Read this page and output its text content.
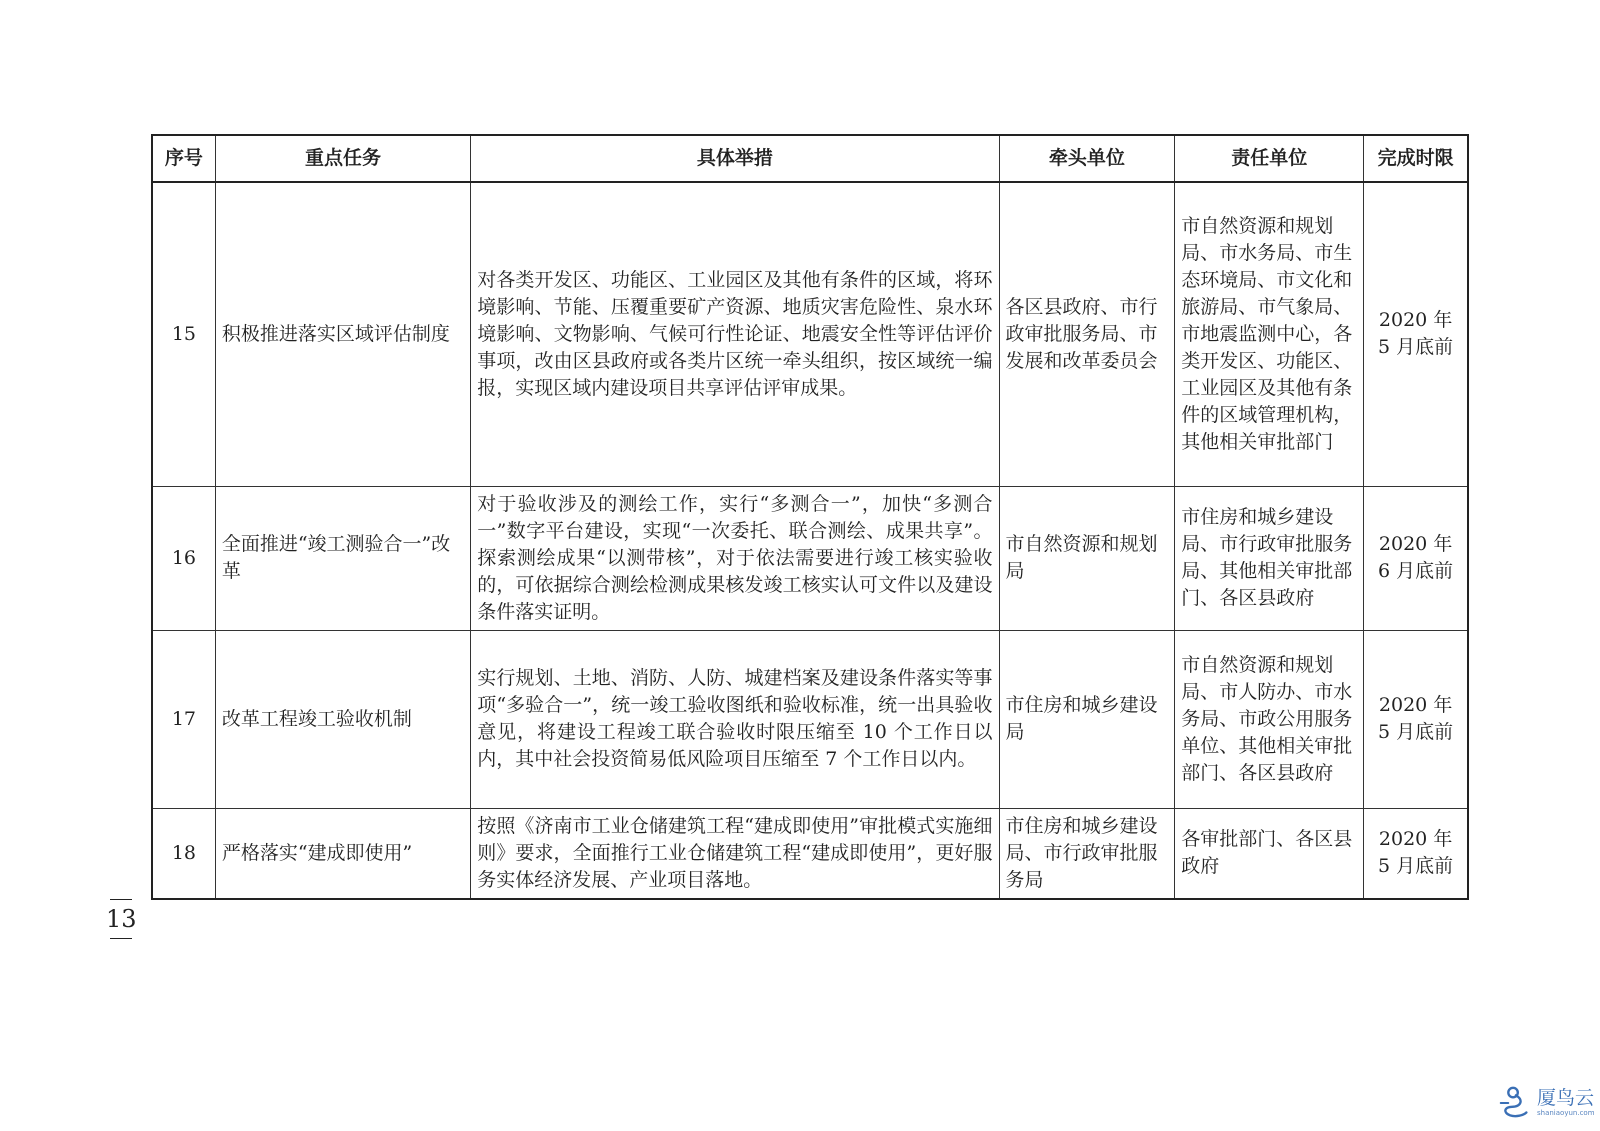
序号	重点任务	具体举措	牵头单位	责任单位	完成时限
15	积极推进落实区域评估制度	对各类开发区、功能区、工业园区及其他有条件的区域，将环境影响、节能、压覆重要矿产资源、地质灾害危险性、泉水环境影响、文物影响、气候可行性论证、地震安全性等评估评价事项，改由区县政府或各类片区统一牵头组织，按区域统一编报，实现区域内建设项目共享评估评审成果。	各区县政府、市行政审批服务局、市发展和改革委员会	市自然资源和规划局、市水务局、市生态环境局、市文化和旅游局、市气象局、市地震监测中心，各类开发区、功能区、工业园区及其他有条件的区域管理机构，其他相关审批部门	2020 年 5 月底前
16	全面推进“竣工测验合一”改革	对于验收涉及的测绘工作，实行“多测合一”，加快“多测合一”数字平台建设，实现“一次委托、联合测绘、成果共享”。探索测绘成果“以测带核”，对于依法需要进行竣工核实验收的，可依据综合测绘检测成果核发竣工核实认可文件以及建设条件落实证明。	市自然资源和规划局	市住房和城乡建设局、市行政审批服务局、其他相关审批部门、各区县政府	2020 年 6 月底前
17	改革工程竣工验收机制	实行规划、土地、消防、人防、城建档案及建设条件落实等事项“多验合一”，统一竣工验收图纸和验收标准，统一出具验收意见，将建设工程竣工联合验收时限压缩至 10 个工作日以内，其中社会投资简易低风险项目压缩至 7 个工作日以内。	市住房和城乡建设局	市自然资源和规划局、市人防办、市水务局、市政公用服务单位、其他相关审批部门、各区县政府	2020 年 5 月底前
18	严格落实“建成即使用”	按照《济南市工业仓储建筑工程“建成即使用”审批模式实施细则》要求，全面推行工业仓储建筑工程“建成即使用”，更好服务实体经济发展、产业项目落地。	市住房和城乡建设局、市行政审批服务局	各审批部门、各区县政府	2020 年 5 月底前
13
厦鸟云
shaniaoyun.com
